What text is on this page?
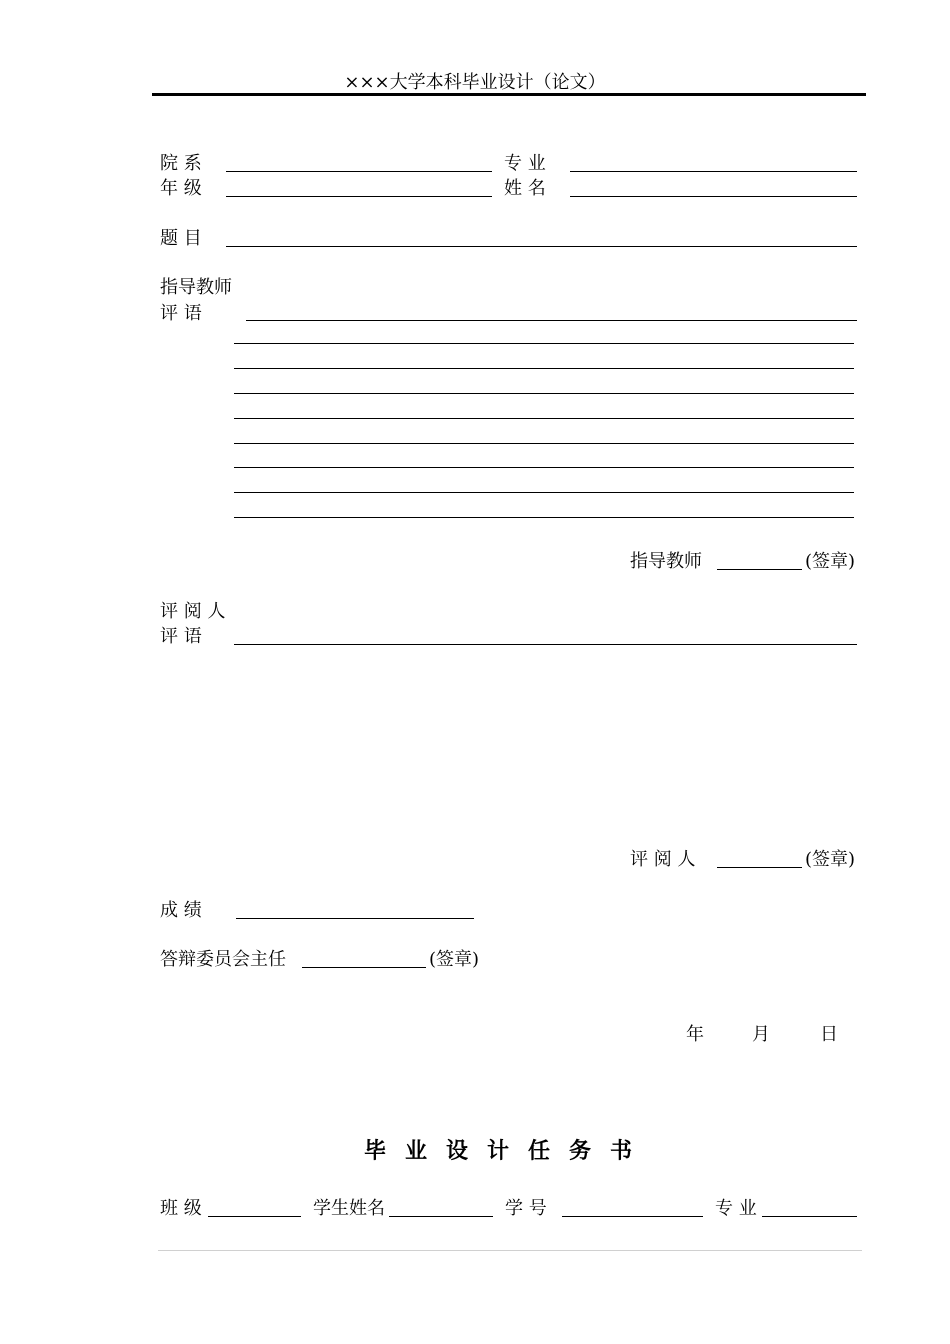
×××大学本科毕业设计（论文）
院 系	专 业
年 级	姓 名
题 目
指导教师
评 语
指导教师	(签章)
评 阅 人
评 语
评 阅 人	(签章)
成 绩
答辩委员会主任	(签章)
年	月	日
毕业设计任务书
班 级	学生姓名	学 号	专 业
